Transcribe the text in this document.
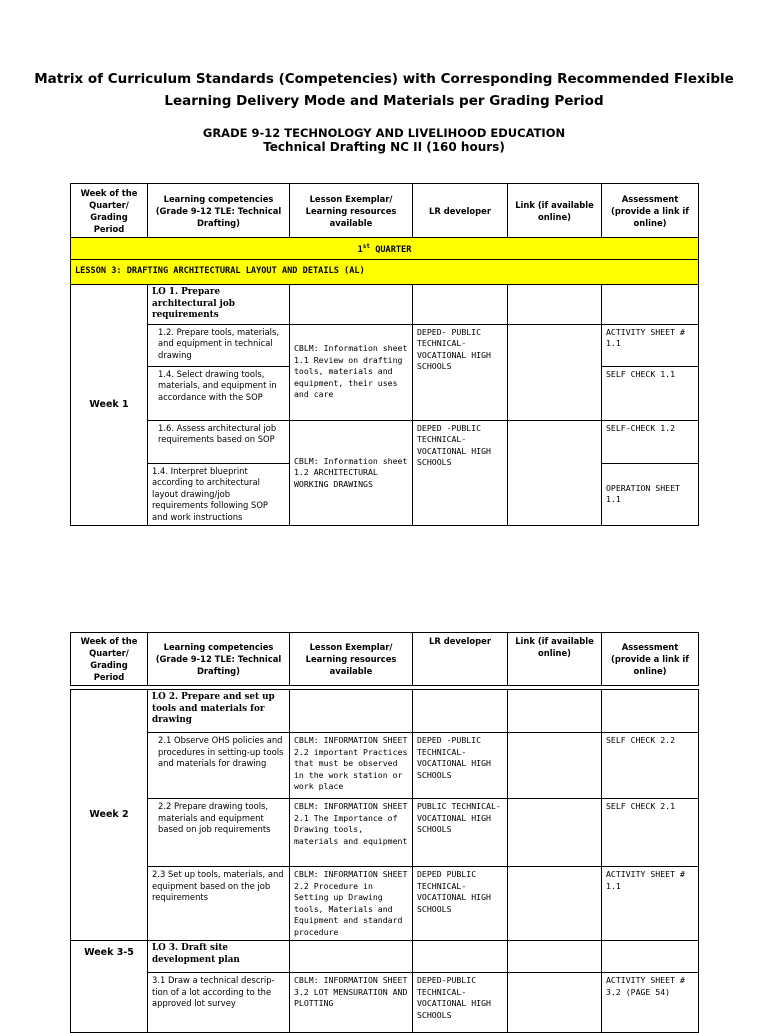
Matrix of Curriculum Standards (Competencies) with Corresponding Recommended Flexible
Learning Delivery Mode and Materials per Grading Period
GRADE 9-12 TECHNOLOGY AND LIVELIHOOD EDUCATION
Technical Drafting NC II (160 hours)
Week of the Quarter/ Grading Period	Learning competencies (Grade 9-12 TLE: Technical Drafting)	Lesson Exemplar/ Learning resources available	LR developer	Link (if available online)	Assessment (provide a link if online)
1st QUARTER					
LESSON 3: DRAFTING ARCHITECTURAL LAYOUT AND DETAILS (AL)					
Week 1	LO 1. Prepare architectural job requirements				
	1.2. Prepare tools, materials, and equipment in technical drawing	CBLM: Information sheet 1.1 Review on drafting tools, materials and equipment, their uses and care	DEPED- PUBLIC TECHNICAL- VOCATIONAL HIGH SCHOOLS		ACTIVITY SHEET # 1.1
	1.4. Select drawing tools, materials, and equipment in accordance with the SOP				SELF CHECK 1.1
	1.6. Assess architectural job requirements based on SOP	CBLM: Information sheet 1.2 ARCHITECTURAL WORKING DRAWINGS	DEPED -PUBLIC TECHNICAL- VOCATIONAL HIGH SCHOOLS		SELF-CHECK 1.2
	1.4. Interpret blueprint according to architectural layout drawing/job requirements following SOP and work instructions				OPERATION SHEET 1.1
Week of the Quarter/ Grading Period	Learning competencies (Grade 9-12 TLE: Technical Drafting)	Lesson Exemplar/ Learning resources available	LR developer	Link (if available online)	Assessment (provide a link if online)

Week 2	LO 2. Prepare and set up tools and materials for drawing				
	2.1 Observe OHS policies and procedures in setting-up tools and materials for drawing	CBLM: INFORMATION SHEET 2.2 important Practices that must be observed in the work station or work place	DEPED -PUBLIC TECHNICAL- VOCATIONAL HIGH SCHOOLS		SELF CHECK 2.2
	2.2 Prepare drawing tools, materials and equipment based on job requirements	CBLM: INFORMATION SHEET 2.1 The Importance of Drawing tools, materials and equipment	PUBLIC TECHNICAL- VOCATIONAL HIGH SCHOOLS		SELF CHECK 2.1
	2.3 Set up tools, materials, and equipment based on the job requirements	CBLM: INFORMATION SHEET 2.2 Procedure in Setting up Drawing tools, Materials and Equipment and standard procedure	DEPED PUBLIC TECHNICAL- VOCATIONAL HIGH SCHOOLS		ACTIVITY SHEET # 1.1
Week 3-5	LO 3. Draft site development plan				
	3.1 Draw a technical descrip-tion of a lot according to the approved lot survey	CBLM: INFORMATION SHEET 3.2 LOT MENSURATION AND PLOTTING	DEPED-PUBLIC TECHNICAL- VOCATIONAL HIGH SCHOOLS		ACTIVITY SHEET # 3.2 (PAGE 54)
